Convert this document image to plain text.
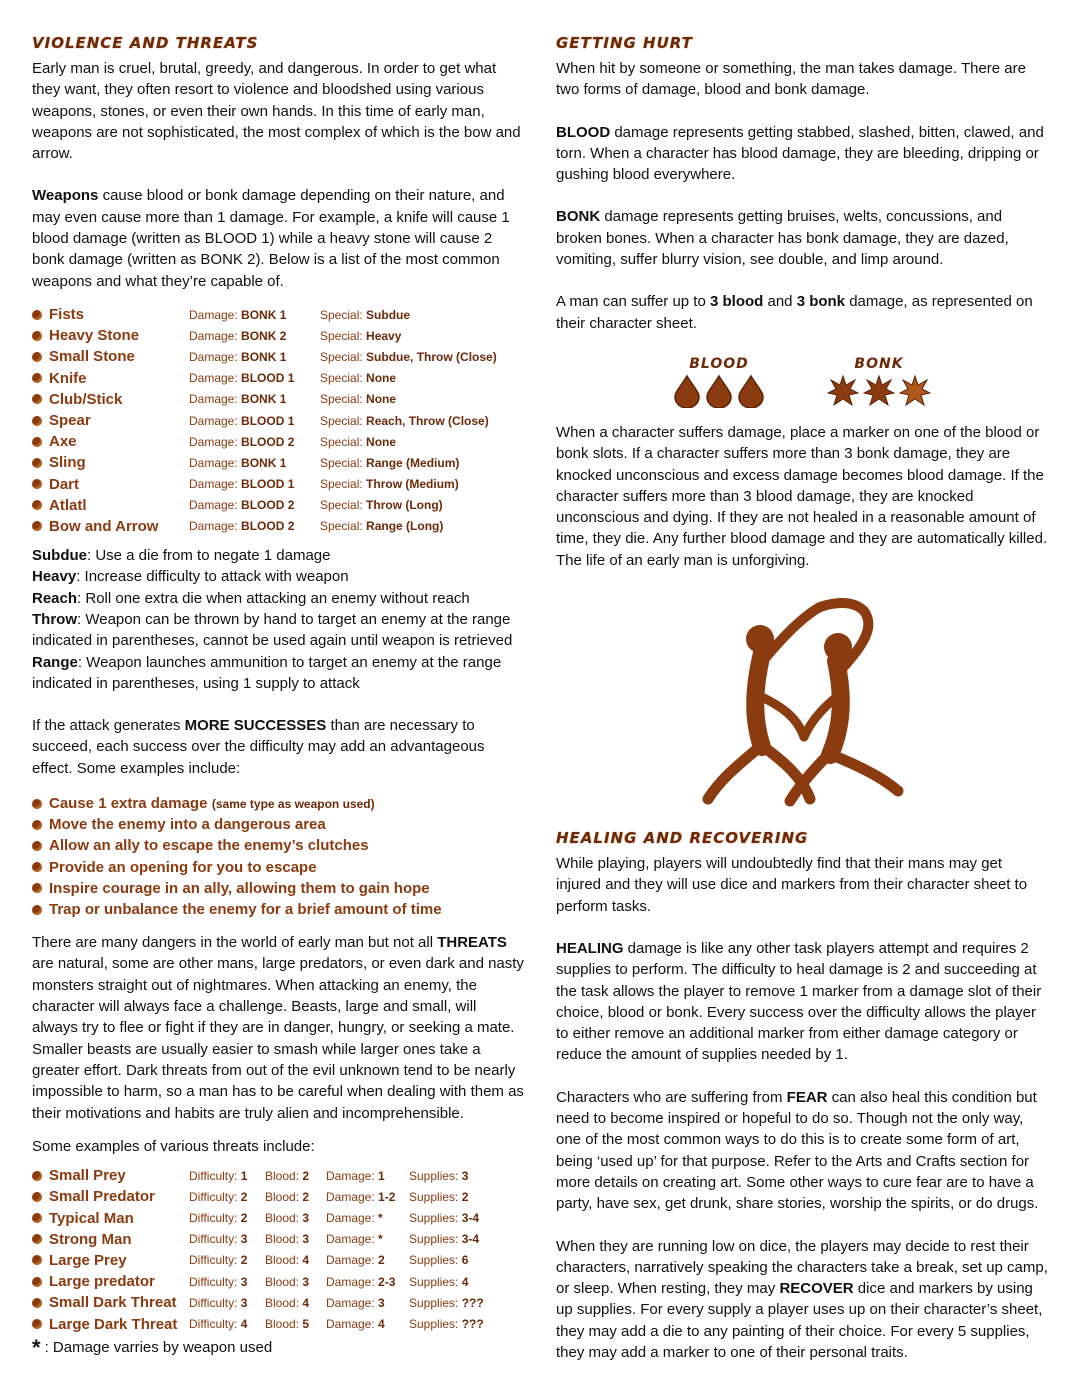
VIOLENCE AND THREATS

Early man is cruel, brutal, greedy, and dangerous. In order to get what they want, they often resort to violence and bloodshed using various weapons, stones, or even their own hands. In this time of early man, weapons are not sophisticated, the most complex of which is the bow and arrow.

Weapons cause blood or bonk damage depending on their nature, and may even cause more than 1 damage. For example, a knife will cause 1 blood damage (written as BLOOD 1) while a heavy stone will cause 2 bonk damage (written as BONK 2). Below is a list of the most common weapons and what they’re capable of.

Fists	Damage: BONK 1	Special: Subdue
Heavy Stone	Damage: BONK 2	Special: Heavy
Small Stone	Damage: BONK 1	Special: Subdue, Throw (Close)
Knife	Damage: BLOOD 1	Special: None
Club/Stick	Damage: BONK 1	Special: None
Spear	Damage: BLOOD 1	Special: Reach, Throw (Close)
Axe	Damage: BLOOD 2	Special: None
Sling	Damage: BONK 1	Special: Range (Medium)
Dart	Damage: BLOOD 1	Special: Throw (Medium)
Atlatl	Damage: BLOOD 2	Special: Throw (Long)
Bow and Arrow	Damage: BLOOD 2	Special: Range (Long)

Subdue: Use a die from to negate 1 damage

Heavy: Increase difficulty to attack with weapon

Reach: Roll one extra die when attacking an enemy without reach

Throw: Weapon can be thrown by hand to target an enemy at the range indicated in parentheses, cannot be used again until weapon is retrieved

Range: Weapon launches ammunition to target an enemy at the range indicated in parentheses, using 1 supply to attack

If the attack generates MORE SUCCESSES than are necessary to succeed, each success over the difficulty may add an advantageous effect. Some examples include:

Cause 1 extra damage
(same type as weapon used)
Move the enemy into a dangerous area
Allow an ally to escape the enemy’s clutches
Provide an opening for you to escape
Inspire courage in an ally, allowing them to gain hope
Trap or unbalance the enemy for a brief amount of time

There are many dangers in the world of early man but not all THREATS are natural, some are other mans, large predators, or even dark and nasty monsters straight out of nightmares. When attacking an enemy, the character will always face a challenge. Beasts, large and small, will always try to flee or fight if they are in danger, hungry, or seeking a mate. Smaller beasts are usually easier to smash while larger ones take a greater effort. Dark threats from out of the evil unknown tend to be nearly impossible to harm, so a man has to be careful when dealing with them as their motivations and habits are truly alien and incomprehensible.

Some examples of various threats include:

Small Prey	Difficulty: 1	Blood: 2	Damage: 1	Supplies: 3
Small Predator	Difficulty: 2	Blood: 2	Damage: 1-2	Supplies: 2
Typical Man	Difficulty: 2	Blood: 3	Damage: *	Supplies: 3-4
Strong Man	Difficulty: 3	Blood: 3	Damage: *	Supplies: 3-4
Large Prey	Difficulty: 2	Blood: 4	Damage: 2	Supplies: 6
Large predator	Difficulty: 3	Blood: 3	Damage: 2-3	Supplies: 4
Small Dark Threat	Difficulty: 3	Blood: 4	Damage: 3	Supplies: ???
Large Dark Threat Difficulty: 4	Blood: 5	Damage: 4	Supplies: ???
* : Damage varries by weapon used
GETTING HURT

When hit by someone or something, the man takes damage. There are two forms of damage, blood and bonk damage.

BLOOD damage represents getting stabbed, slashed, bitten, clawed, and torn. When a character has blood damage, they are bleeding, dripping or gushing blood everywhere.

BONK damage represents getting bruises, welts, concussions, and broken bones. When a character has bonk damage, they are dazed, vomiting, suffer blurry vision, see double, and limp around.

A man can suffer up to 3 blood and 3 bonk damage, as represented on their character sheet.

BLOOD	BONK

When a character suffers damage, place a marker on one of the blood or bonk slots. If a character suffers more than 3 bonk damage, they are knocked unconscious and excess damage becomes blood damage. If the character suffers more than 3 blood damage, they are knocked unconscious and dying. If they are not healed in a reasonable amount of time, they die. Any further blood damage and they are automatically killed. The life of an early man is unforgiving.

HEALING AND RECOVERING

While playing, players will undoubtedly find that their mans may get injured and they will use dice and markers from their character sheet to perform tasks.

HEALING damage is like any other task players attempt and requires 2 supplies to perform. The difficulty to heal damage is 2 and succeeding at the task allows the player to remove 1 marker from a damage slot of their choice, blood or bonk. Every success over the difficulty allows the player to either remove an additional marker from either damage category or reduce the amount of supplies needed by 1.

Characters who are suffering from FEAR can also heal this condition but need to become inspired or hopeful to do so. Though not the only way, one of the most common ways to do this is to create some form of art, being ‘used up’ for that purpose. Refer to the Arts and Crafts section for more details on creating art. Some other ways to cure fear are to have a party, have sex, get drunk, share stories, worship the spirits, or do drugs.

When they are running low on dice, the players may decide to rest their characters, narratively speaking the characters take a break, set up camp, or sleep. When resting, they may RECOVER dice and markers by using up supplies. For every supply a player uses up on their character’s sheet, they may add a die to any painting of their choice. For every 5 supplies, they may add a marker to one of their personal traits.
